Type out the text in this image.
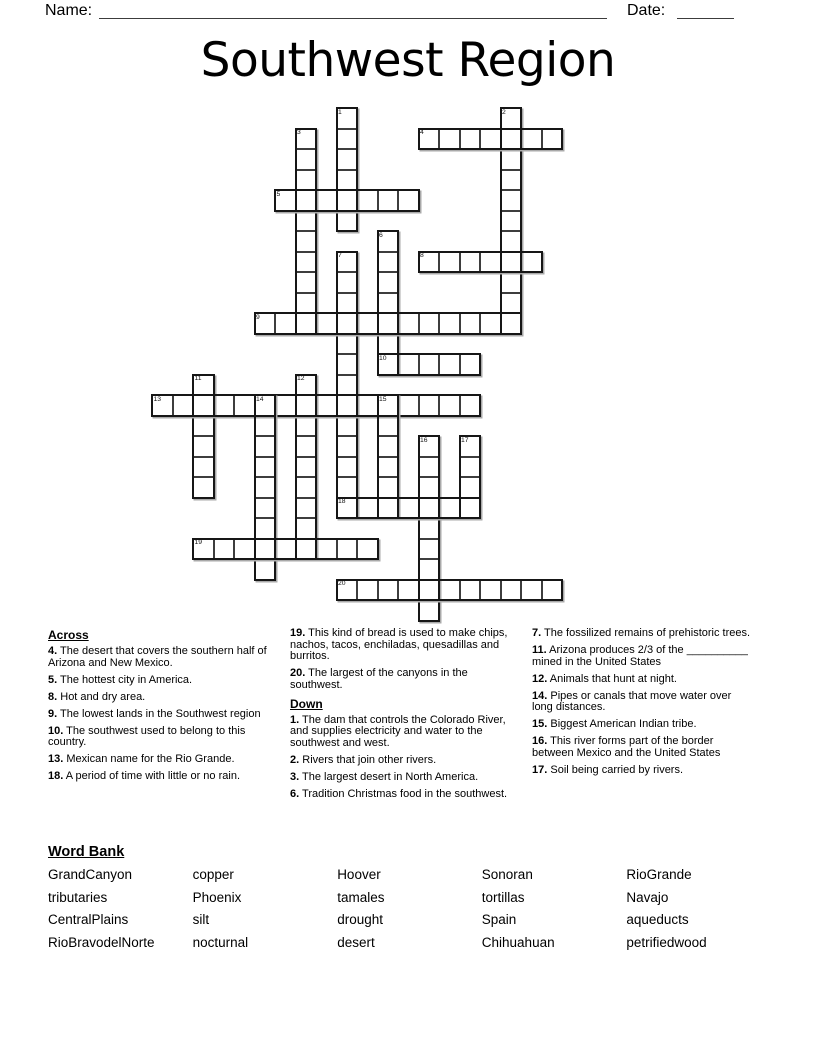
Name:	Date:
Southwest Region
1	2
3	4
5
6
7	8
9
10
11	12
13	14	15
16	17
18
19
20

Across

4. The desert that covers the southern half of Arizona and New Mexico.

5. The hottest city in America.

8. Hot and dry area.

9. The lowest lands in the Southwest region

10. The southwest used to belong to this country.

13. Mexican name for the Rio Grande.

18. A period of time with little or no rain.

19. This kind of bread is used to make chips, nachos, tacos, enchiladas, quesadillas and burritos.

20. The largest of the canyons in the southwest.

Down

1. The dam that controls the Colorado River, and supplies electricity and water to the southwest and west.

2. Rivers that join other rivers.

3. The largest desert in North America.

6. Tradition Christmas food in the southwest.

7. The fossilized remains of prehistoric trees.

11. Arizona produces 2/3 of the __________ mined in the United States

12. Animals that hunt at night.

14. Pipes or canals that move water over long distances.

15. Biggest American Indian tribe.

16. This river forms part of the border between Mexico and the United States

17. Soil being carried by rivers.

Word Bank

GrandCanyon	copper	Hoover	Sonoran	RioGrande
tributaries	Phoenix	tamales	tortillas	Navajo
CentralPlains	silt	drought	Spain	aqueducts
RioBravodelNorte	nocturnal	desert	Chihuahuan	petrifiedwood
